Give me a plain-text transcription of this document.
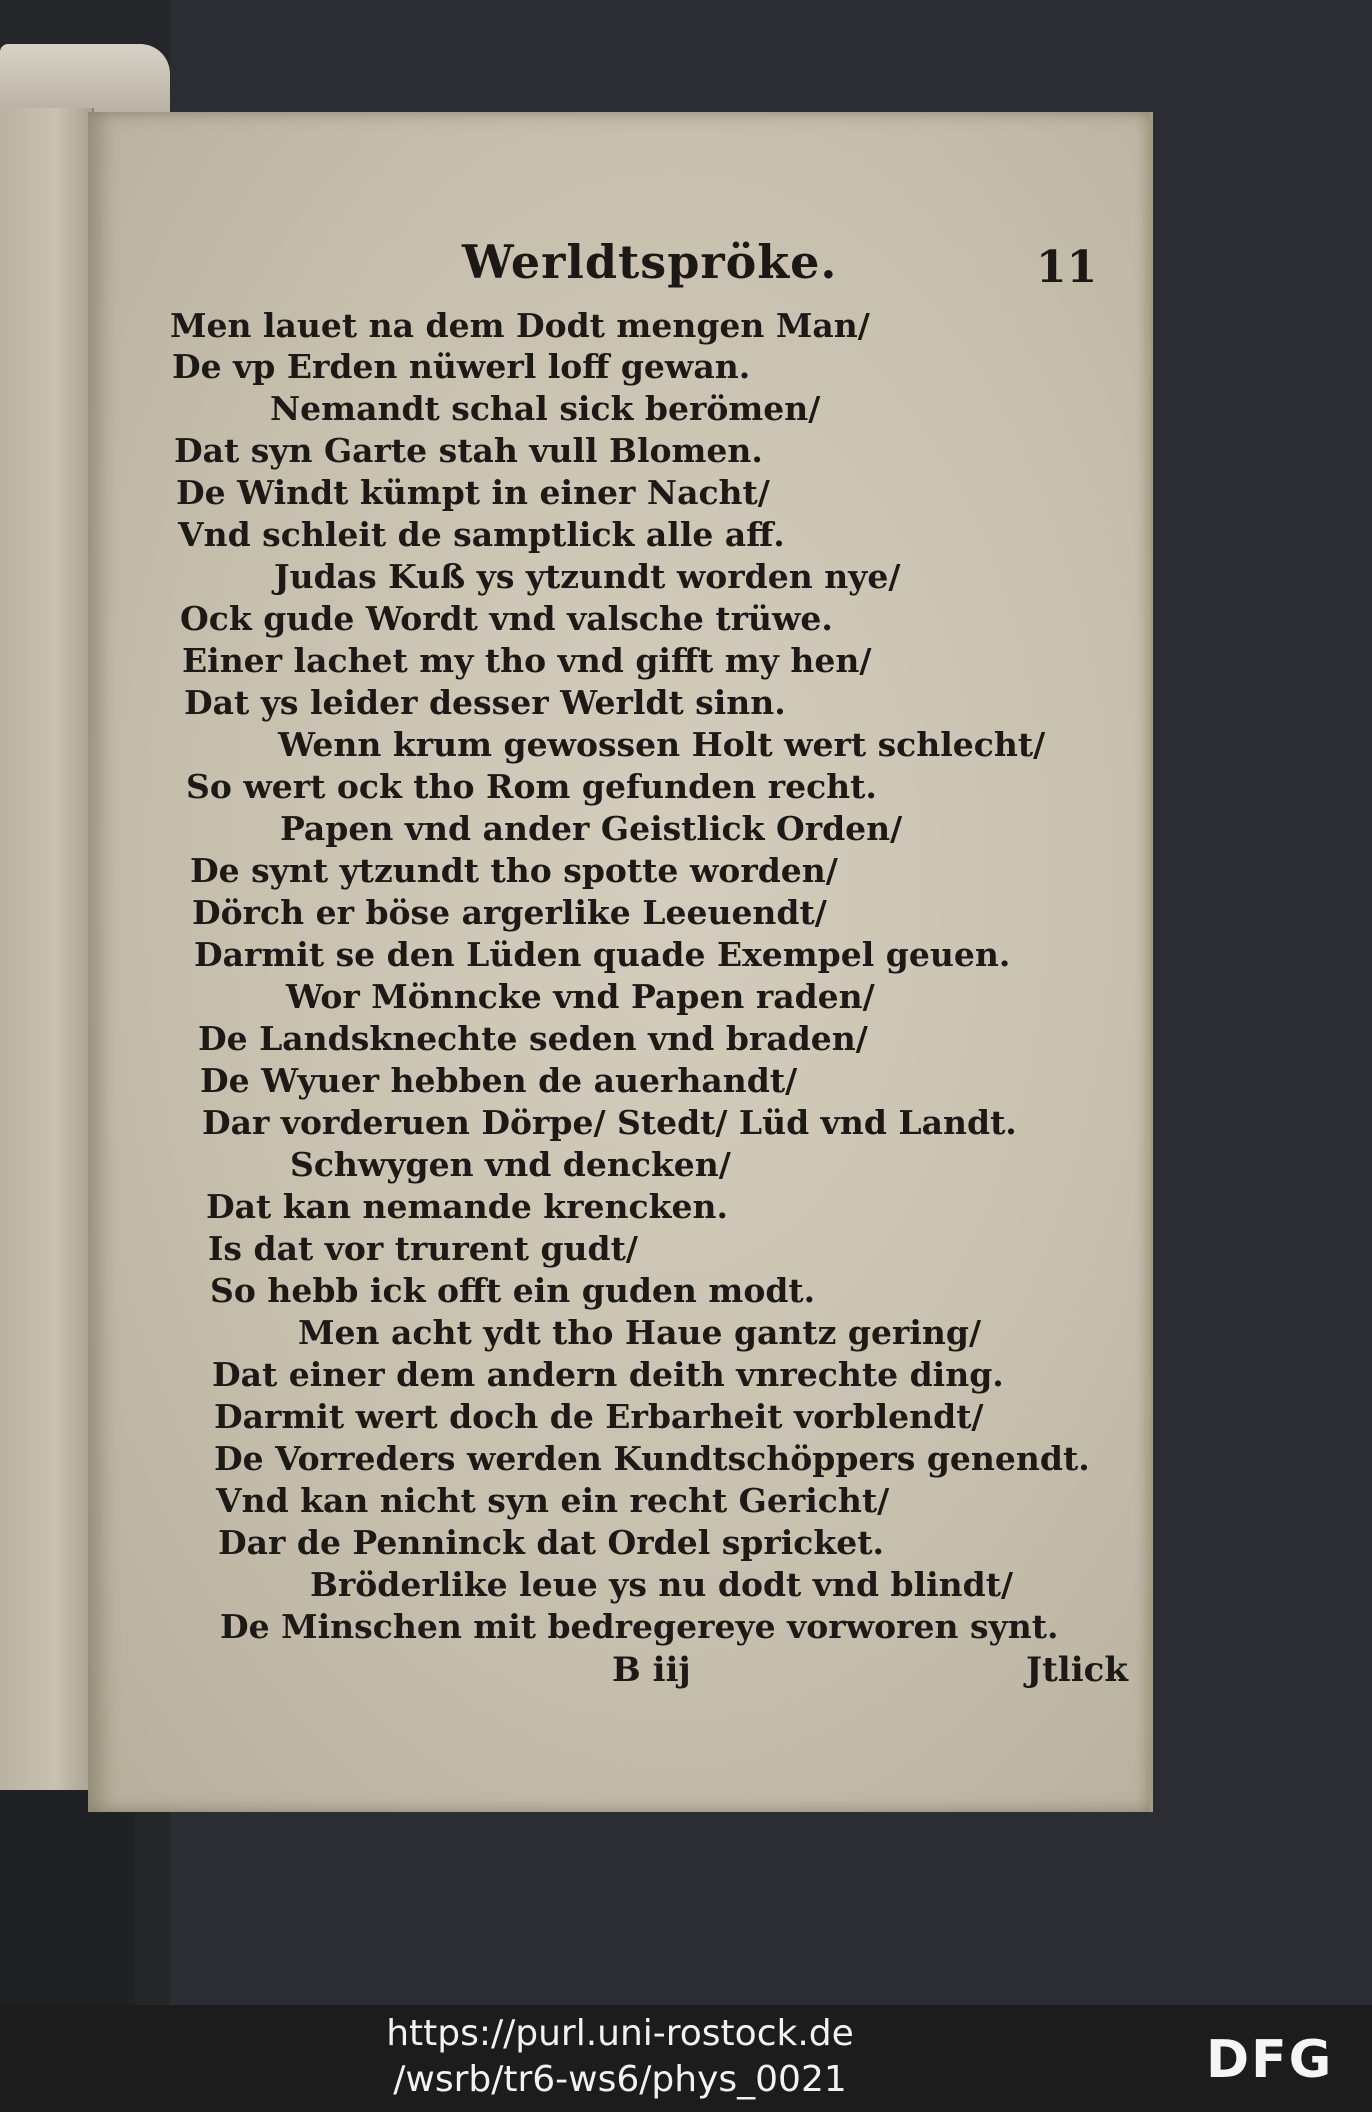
Werldtspröke.	11
Men lauet na dem Dodt mengen Man/
De vp Erden nüwerl loff gewan.
Nemandt schal sick berömen/
Dat syn Garte stah vull Blomen.
De Windt kümpt in einer Nacht/
Vnd schleit de samptlick alle aff.
Judas Kuß ys ytzundt worden nye/
Ock gude Wordt vnd valsche trüwe.
Einer lachet my tho vnd gifft my hen/
Dat ys leider desser Werldt sinn.
Wenn krum gewossen Holt wert schlecht/
So wert ock tho Rom gefunden recht.
Papen vnd ander Geistlick Orden/
De synt ytzundt tho spotte worden/
Dörch er böse argerlike Leeuendt/
Darmit se den Lüden quade Exempel geuen.
Wor Mönncke vnd Papen raden/
De Landsknechte seden vnd braden/
De Wyuer hebben de auerhandt/
Dar vorderuen Dörpe/ Stedt/ Lüd vnd Landt.
Schwygen vnd dencken/
Dat kan nemande krencken.
Is dat vor trurent gudt/
So hebb ick offt ein guden modt.
Men acht ydt tho Haue gantz gering/
Dat einer dem andern deith vnrechte ding.
Darmit wert doch de Erbarheit vorblendt/
De Vorreders werden Kundtschöppers genendt.
Vnd kan nicht syn ein recht Gericht/
Dar de Penninck dat Ordel spricket.
Bröderlike leue ys nu dodt vnd blindt/
De Minschen mit bedregereye vorworen synt.
B iij	Jtlick
https://purl.uni-rostock.de
/wsrb/tr6-ws6/phys_0021	DFG
